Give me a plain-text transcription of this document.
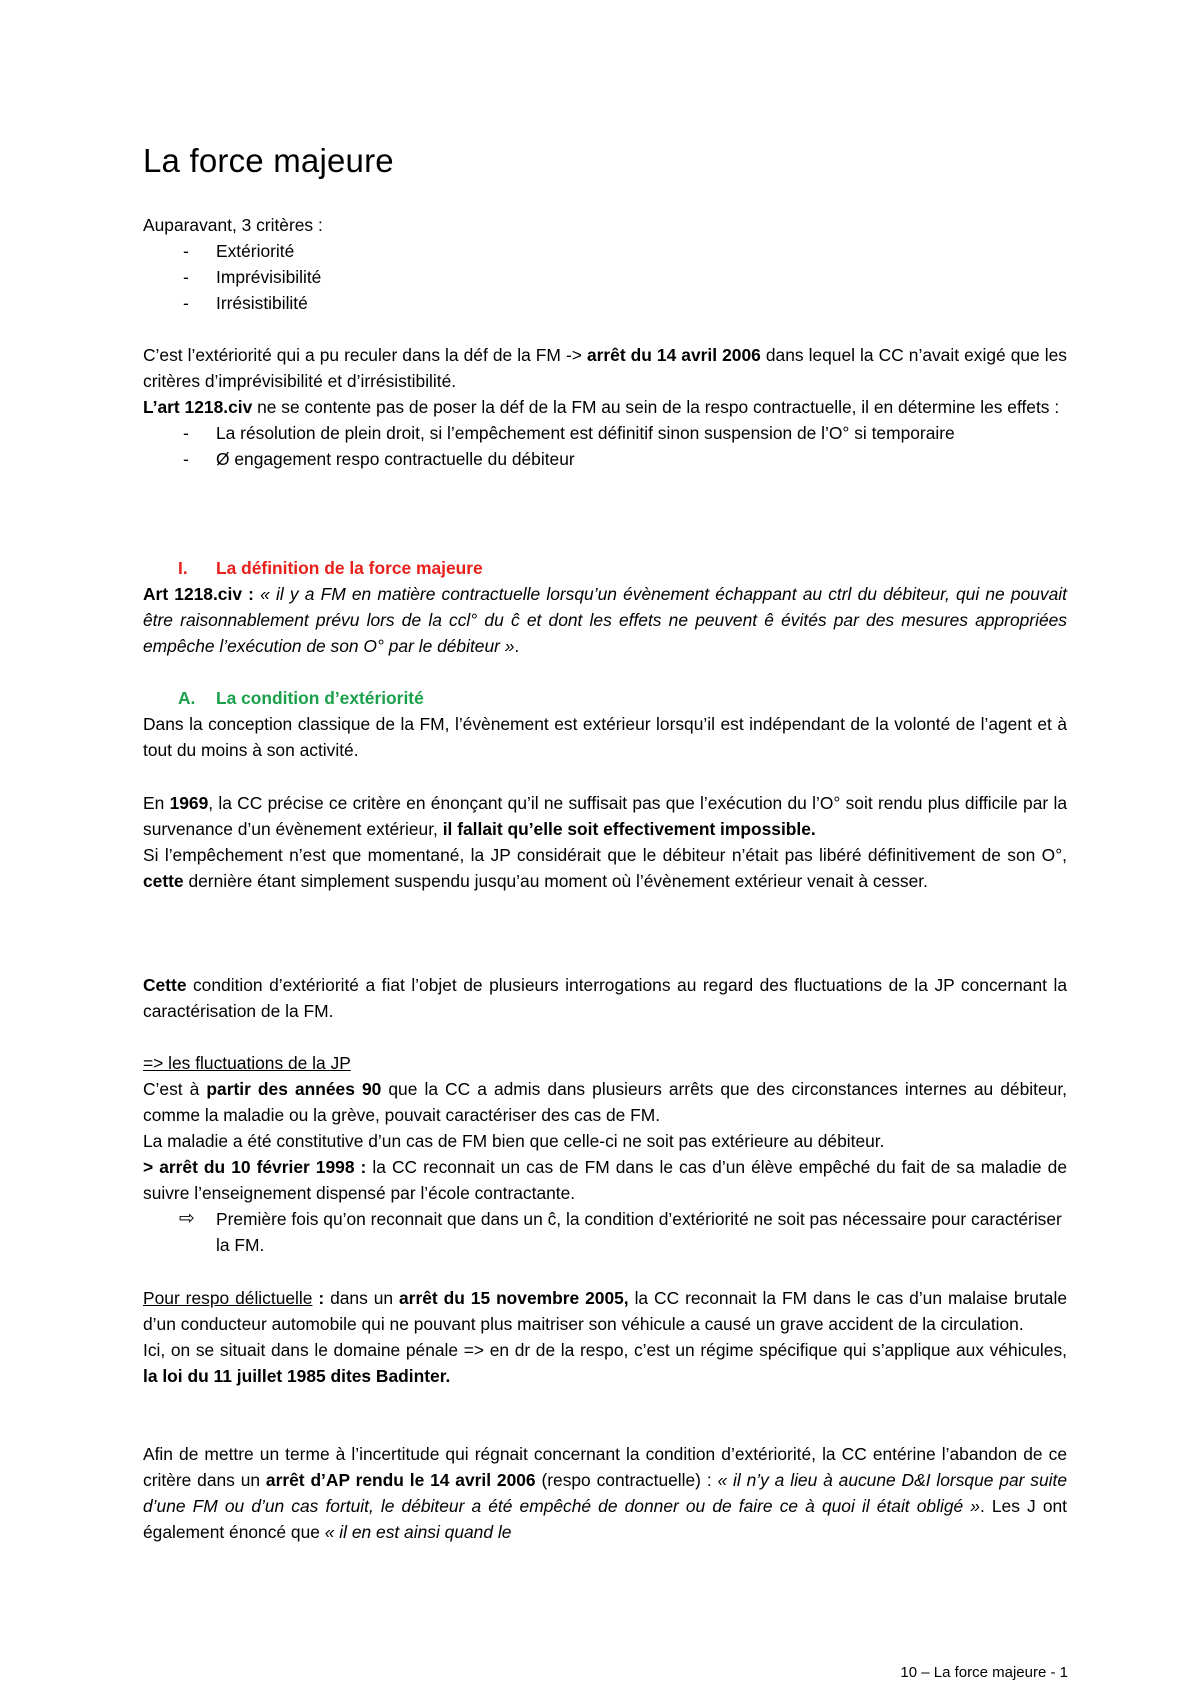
La force majeure

Auparavant, 3 critères :

- Extériorité
- Imprévisibilité
- Irrésistibilité

C’est l’extériorité qui a pu reculer dans la déf de la FM -> arrêt du 14 avril 2006 dans lequel la CC n’avait exigé que les critères d’imprévisibilité et d’irrésistibilité.

L’art 1218.civ ne se contente pas de poser la déf de la FM au sein de la respo contractuelle, il en détermine les effets :

- La résolution de plein droit, si l’empêchement est définitif sinon suspension de l’O° si temporaire
- Ø engagement respo contractuelle du débiteur

I. La définition de la force majeure

Art 1218.civ : « il y a FM en matière contractuelle lorsqu’un évènement échappant au ctrl du débiteur, qui ne pouvait être raisonnablement prévu lors de la ccl° du ĉ et dont les effets ne peuvent ê évités par des mesures appropriées empêche l’exécution de son O° par le débiteur ».

A. La condition d’extériorité

Dans la conception classique de la FM, l’évènement est extérieur lorsqu’il est indépendant de la volonté de l’agent et à tout du moins à son activité.

En 1969, la CC précise ce critère en énonçant qu’il ne suffisait pas que l’exécution du l’O° soit rendu plus difficile par la survenance d’un évènement extérieur, il fallait qu’elle soit effectivement impossible.

Si l’empêchement n’est que momentané, la JP considérait que le débiteur n’était pas libéré définitivement de son O°, cette dernière étant simplement suspendu jusqu’au moment où l’évènement extérieur venait à cesser.

Cette condition d’extériorité a fiat l’objet de plusieurs interrogations au regard des fluctuations de la JP concernant la caractérisation de la FM.

=> les fluctuations de la JP

C’est à partir des années 90 que la CC a admis dans plusieurs arrêts que des circonstances internes au débiteur, comme la maladie ou la grève, pouvait caractériser des cas de FM.

La maladie a été constitutive d’un cas de FM bien que celle-ci ne soit pas extérieure au débiteur.

> arrêt du 10 février 1998 : la CC reconnait un cas de FM dans le cas d’un élève empêché du fait de sa maladie de suivre l’enseignement dispensé par l’école contractante.

⇨ Première fois qu’on reconnait que dans un ĉ, la condition d’extériorité ne soit pas nécessaire pour caractériser la FM.

Pour respo délictuelle : dans un arrêt du 15 novembre 2005, la CC reconnait la FM dans le cas d’un malaise brutale d’un conducteur automobile qui ne pouvant plus maitriser son véhicule a causé un grave accident de la circulation.

Ici, on se situait dans le domaine pénale => en dr de la respo, c’est un régime spécifique qui s’applique aux véhicules, la loi du 11 juillet 1985 dites Badinter.

Afin de mettre un terme à l’incertitude qui régnait concernant la condition d’extériorité, la CC entérine l’abandon de ce critère dans un arrêt d’AP rendu le 14 avril 2006 (respo contractuelle) : « il n’y a lieu à aucune D&I lorsque par suite d’une FM ou d’un cas fortuit, le débiteur a été empêché de donner ou de faire ce à quoi il était obligé ». Les J ont également énoncé que « il en est ainsi quand le

10 – La force majeure - 1
